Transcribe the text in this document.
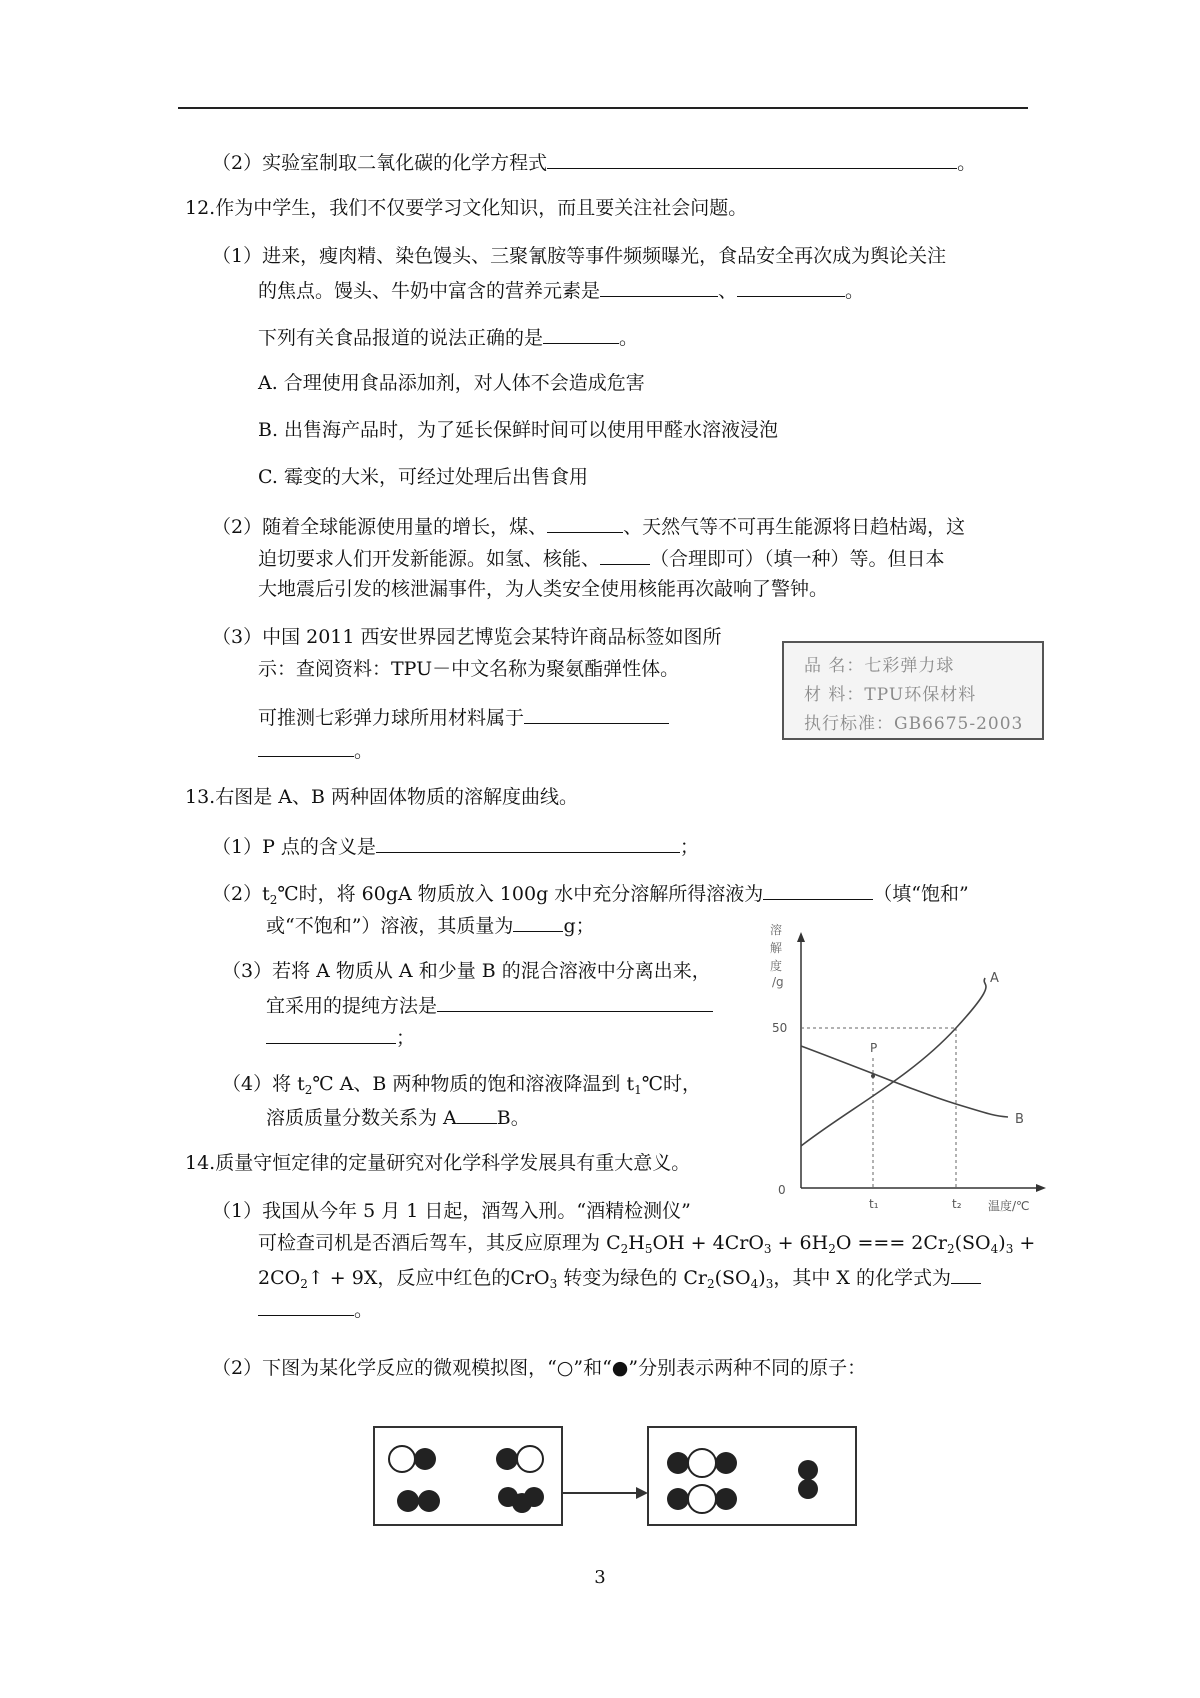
（2）实验室制取二氧化碳的化学方程式	。
12.作为中学生，我们不仅要学习文化知识，而且要关注社会问题。
（1）进来，瘦肉精、染色馒头、三聚氰胺等事件频频曝光，食品安全再次成为舆论关注
的焦点。馒头、牛奶中富含的营养元素是	、	。
下列有关食品报道的说法正确的是	。
A. 合理使用食品添加剂，对人体不会造成危害
B. 出售海产品时，为了延长保鲜时间可以使用甲醛水溶液浸泡
C. 霉变的大米，可经过处理后出售食用
（2）随着全球能源使用量的增长，煤、	、天然气等不可再生能源将日趋枯竭，这
迫切要求人们开发新能源。如氢、核能、	（合理即可）（填一种）等。但日本
大地震后引发的核泄漏事件，为人类安全使用核能再次敲响了警钟。
（3）中国 2011 西安世界园艺博览会某特许商品标签如图所
示：查阅资料：TPU－中文名称为聚氨酯弹性体。
可推测七彩弹力球所用材料属于
。
品 名：七彩弹力球
材 料：TPU环保材料
执行标准：GB6675-2003
13.右图是 A、B 两种固体物质的溶解度曲线。
（1）P 点的含义是	；
$(2)t_2℃$时，将 60gA 物质放入 100g 水中充分溶解所得溶液为	（填“饱和”
或“不饱和”）溶液，其质量为	g；
（3）若将 A 物质从 A 和少量 B 的混合溶液中分离出来，
宜采用的提纯方法是
；
（4）将 $t_2℃$ A、B 两种物质的饱和溶液降温到 $t_1℃$时，
溶质质量分数关系为 A B。
溶解度/g
50
P
A
B
0
t₁	t₂ 温度/℃
14.质量守恒定律的定量研究对化学科学发展具有重大意义。
（1）我国从今年 5 月 1 日起，酒驾入刑。“酒精检测仪”
可检查司机是否酒后驾车，其反应原理为 $C_2H_5OH + 4CrO_3 + 6H_2O$ === $2Cr_2(SO_4)_3$ +
$2CO_2↑ + 9X$，反应中红色的CrO$_3$ 转变为绿色的 $Cr_2(SO_4)_3$，其中 X 的化学式为
。
（2）下图为某化学反应的微观模拟图，“○”和“●”分别表示两种不同的原子：
3
